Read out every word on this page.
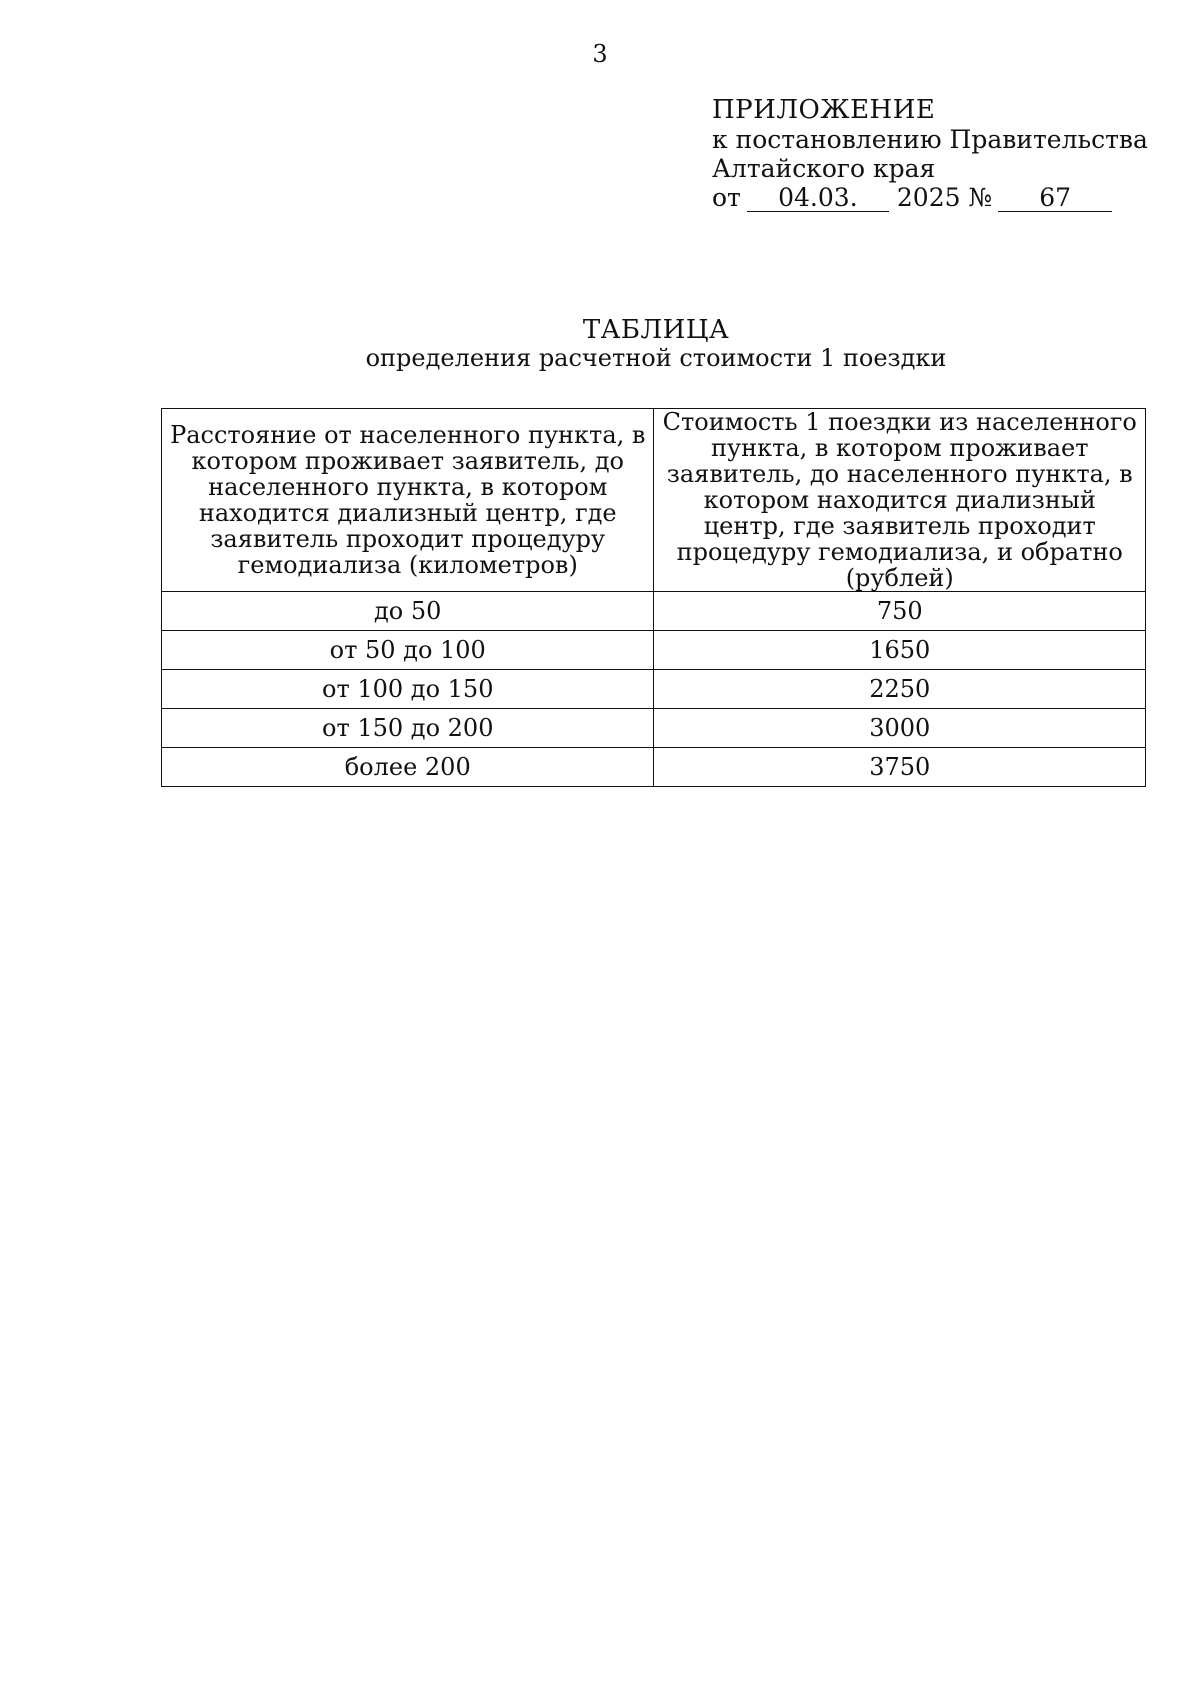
3
ПРИЛОЖЕНИЕ
к постановлению Правительства
Алтайского края
от 04.03. 2025 № 67
ТАБЛИЦА
определения расчетной стоимости 1 поездки
Расстояние от населенного пункта, в котором проживает заявитель, до населенного пункта, в котором находится диализный центр, где заявитель проходит процедуру гемодиализа (километров)	Стоимость 1 поездки из населенного пункта, в котором проживает заявитель, до населенного пункта, в котором находится диализный центр, где заявитель проходит процедуру гемодиализа, и обратно (рублей)
до 50	750
от 50 до 100	1650
от 100 до 150	2250
от 150 до 200	3000
более 200	3750
